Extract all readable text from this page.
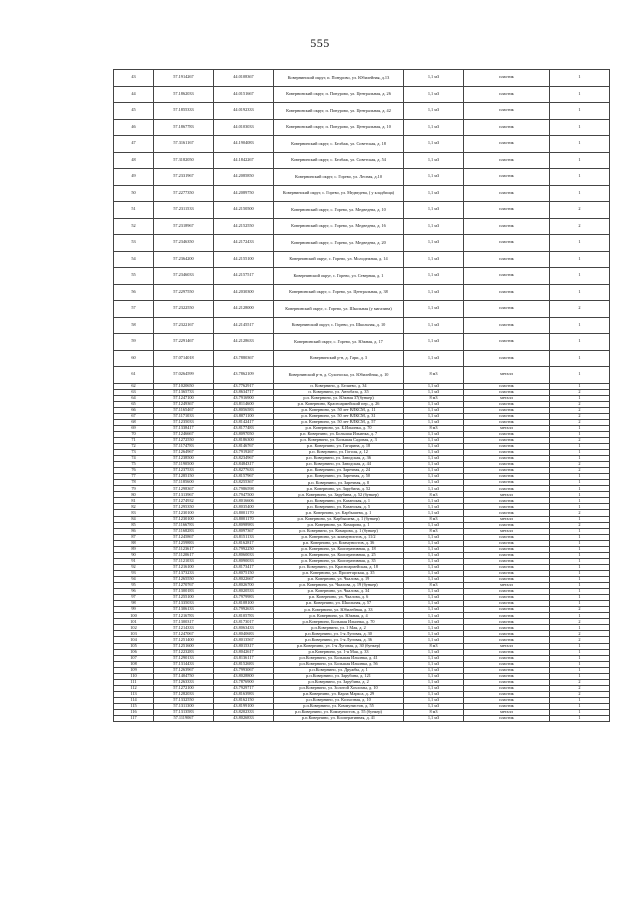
555
43	57.1914267	44.0108367	Ковернинский округ, п. Понурово, ул. Юбилейная, д.13	1,1 м3	пластик	1
44	57.1862033	44.0151667	Ковернинский округ, п. Понурово, ул. Центральная, д. 26	1,1 м3	пластик	1
45	57.1855333	44.0192333	Ковернинский округ, п. Понурово, ул. Центральная, д. 42	1,1 м3	пластик	1
46	57.1867783	44.0103033	Ковернинский округ, п. Понурово, ул. Центральная, д. 10	1,1 м3	пластик	1
47	57.3161167	44.1904083	Ковернинский округ, с. Белбаж, ул. Советская, д. 18	1,1 м3	пластик	1
48	57.3182050	44.1842267	Ковернинский округ, с. Белбаж, ул. Советская, д. 54	1,1 м3	пластик	1
49	57.2331967	44.2085850	Ковернинский округ, с. Горево, ул. Лесная, д.10	1,1 м3	пластик	1
50	57.2277350	44.2089750	Ковернинский округ, с. Горево, ул. Медведева, ( у кладбища)	1,1 м3	пластик	1
51	57.2311533	44.2150500	Ковернинский округ, с. Горево, ул. Медведева, д. 10	1,1 м3	пластик	2
52	57.2318967	44.2152550	Ковернинский округ, с. Горево, ул. Медведева, д. 16	1,1 м3	пластик	2
53	57.2346350	44.2172433	Ковернинский округ, с. Горево, ул. Медведева, д. 20	1,1 м3	пластик	1
54	57.2364200	44.2155100	Ковернинский округ, с. Горево, ул. Молодежная, д. 14	1,1 м3	пластик	1
55	57.2346033	44.2157517	Ковернинский округ, с. Горево, ул. Северная, д. 1	1,1 м3	пластик	1
56	57.2297550	44.2030300	Ковернинский округ, с. Горево, ул. Центральная, д. 38	1,1 м3	пластик	1
57	57.2322550	44.2128000	Ковернинский округ, с. Горево, ул. Школьная (у магазина)	1,1 м3	пластик	2
58	57.2322167	44.2145517	Ковернинский округ, с. Горево, ул. Школьная, д. 10	1,1 м3	пластик	1
59	57.2291467	44.2128633	Ковернинский округ, с. Горево, ул. Южная, д. 17	1,1 м3	пластик	1
60	57.0714018	43.7880367	Ковернинский р-н, д. Гари, д. 3	1,1 м3	пластик	1
61	57.0264599	43.7862109	Ковернинский р-н, д. Сухоноска, ул. Юбилейная, д. 10	8 м3	металл	1
62	57.1020650	43.7762917	п. Ковернино, д. Беляево, д. 34	1,1 м3	пластик	1
63	57.1365733	43.8634717	п. Ковернино, ул. Автобаза, д. 35	1,1 м3	пластик	2
64	57.1247100	43.7916900	р.п. Ковернино, ул. Южная 37(бункер)	8 м3	металл	1
65	57.1249367	43.8114600	р.п. Ковернино, Красноармейский пер., д. 26	1,1 м3	пластик	2
66	57.1165467	43.8056583	р.п. Ковернино, ул. 50 лет ВЛКСМ, д. 11	1,1 м3	пластик	2
67	57.1171033	43.8071100	р.п. Ковернино, ул. 50 лет ВЛКСМ, д. 31	1,1 м3	пластик	2
68	57.1235033	43.8142417	р.п. Ковернино, ул. 50 лет ВЛКСМ, д. 57	1,1 м3	пластик	2
69	57.1338417	43.8177483	р.п. Ковернино, ул. Б.Ильинка, д. 70	8 м3	металл	1
70	57.1246667	43.8097050	р.п. Ковернино, ул. Большая Ильинка, д. 7	1,1 м3	пластик	1
71	57.1272550	43.8186300	р.п. Ковернино, ул. Большая Садовая, д. 3	1,1 м3	пластик	2
72	57.1174783	43.8146767	р.п. Ковернино, ул. Гагарина, д. 18	1,1 м3	пластик	1
73	57.1264967	43.7919267	р.п. Ковернино, ул. Гоголя, д. 12	1,1 м3	пластик	1
74	57.1238500	43.8234967	р.п. Ковернино, ул. Заводская, д. 36	1,1 м3	пластик	1
75	57.1190500	43.8484317	р.п. Ковернино, ул. Заводская, д. 44	1,1 м3	пластик	2
76	57.1237533	43.8277633	р.п. Ковернино, ул. Заречная, д. 24	1,1 м3	пластик	2
77	57.1285150	43.8157967	р.п. Ковернино, ул. Заречная, д. 50	1,1 м3	пластик	1
78	57.1185600	43.8255367	р.п. Ковернино, ул. Заречная, д. 8	1,1 м3	пластик	1
79	57.1298367	43.7986598	р.п. Ковернино, ул. Зарубина, д. 52	1,1 м3	пластик	1
80	57.1313967	43.7947500	р.п. Ковернино, ул. Зарубина, д. 52 (бункер)	8 м3	металл	1
81	57.1274932	43.8016606	р.п. Ковернино, ул. Казанская, д. 1	1,1 м3	пластик	1
82	57.1295350	43.8035400	р.п. Ковернино, ул. Казанская, д. 5	1,1 м3	пластик	1
83	57.1230100	43.8001170	р.п. Ковернино, ул. Карбышева, д. 1	1,1 м3	пластик	2
84	57.1230100	43.8001170	р.п. Ковернино, ул. Карбышева, д. 1 (бункер)	8 м3	металл	1
85	57.1166783	43.8098983	р.п. Ковернино, ул. Комарова, д. 1	1,1 м3	пластик	2
86	57.1168283	43.8097367	р.п. Ковернино, ул. Комарова, д. 1 (бункер)	8 м3	металл	1
87	57.1245867	43.8151133	р.п. Ковернино, ул. коммунистов, д. 11/2	1,1 м3	пластик	1
88	57.1259883	43.8162817	р.п. Ковернино, ул. Коммунистов, д. 36	1,1 м3	пластик	1
89	57.1123617	43.7992250	р.п. Ковернино, ул. Кооперативная, д. 18	1,1 м3	пластик	1
90	57.1120617	43.8060033	р.п. Ковернино, ул. Кооперативная, д. 25	1,1 м3	пластик	1
91	57.1121033	43.8090033	р.п. Ковернино, ул. Кооперативная, д. 35	1,1 м3	пластик	1
92	57.1216100	43.8173417	р.п. Ковернино, ул. Красноармейская, д. 18	1,1 м3	пластик	1
93	57.1373233	43.8075150	р.п. Ковернино, ул. Пролетарская, д. 35	1,1 м3	пластик	1
94	57.1265550	43.8022667	р.п. Ковернино, ул. Чкалова, д. 19	1,1 м3	пластик	1
95	57.1270767	43.8026700	р.п. Ковернино, ул. Чкалова, д. 19 (бункер)	8 м3	металл	1
96	57.1300183	43.8020533	р.п. Ковернино, ул. Чкалова, д. 34	1,1 м3	пластик	1
97	57.1255100	43.7979983	р.п. Ковернино, ул. Чкалова, д. 6	1,1 м3	пластик	1
98	57.1335033	43.8108100	р.п. Ковернино, ул. Школьная, д. 57	1,1 м3	пластик	1
99	57.1306133	43.7992633	р.п. Ковернино, ул. Юбилейная, д. 33	1,1 м3	пластик	2
100	57.1216783	43.8105783	р.п. Ковернино, ул. Южная, д. 4	1,1 м3	пластик	1
101	57.1300317	43.8173017	р.п.Ковернино, Большая Ильинка, д. 70	1,1 м3	пластик	2
102	57.1214333	43.8063433	р.п.Ковернино, ул. 1 Мая, д. 2	1,1 м3	пластик	1
103	57.1247067	43.8040683	р.п.Ковернино, ул. 1-я Луговая, д. 30	1,1 м3	пластик	2
104	57.1251400	43.8013567	р.п.Ковернино, ул. 1-я Луговая, д. 36	1,1 м3	пластик	2
105	57.1251600	43.8015317	р.п.Ковернино, ул. 1-я Луговая, д. 30 (бункер)	8 м3	металл	1
106	57.1223283	43.8042617	р.п.Ковернино, ул. 1-я Мая, д. 33	1,1 м3	пластик	1
107	57.1290133	43.8136117	р.п.Ковернино, ул. Большая Ильинка, д. 41	1,1 м3	пластик	1
108	57.1314433	43.8152683	р.п.Ковернино, ул. Большая Ильинка, д. 56	1,1 м3	пластик	1
109	57.1263967	43.7993067	р.п.Ковернино, ул. Дружбы, д. 1	1,1 м3	пластик	1
110	57.1404750	43.8028800	р.п.Ковернино, ул. Зарубина, д. 121	1,1 м3	пластик	1
111	57.1263333	43.7876900	р.п.Ковернино, ул. Зарубина, д. 2	1,1 м3	пластик	2
112	57.1272100	43.7929717	р.п.Ковернино, ул. Золотой Хохломы, д. 10	1,1 м3	пластик	2
113	57.1282033	43.8163983	р.п.Ковернино, ул. Карла Маркса, д. 29	1,1 м3	пластик	2
114	57.1332550	43.8162150	р.п.Ковернино, ул. Колхозная, д. 10	1,1 м3	пластик	1
115	57.1311300	43.8199100	р.п.Ковернино, ул. Коммунистов, д. 55	1,1 м3	пластик	1
116	57.1313583	43.8202333	р.п.Ковернино, ул. Коммунистов, д. 55 (бункер)	8 м3	металл	1
117	57.1119067	43.8026833	р.п.Ковернино, ул. Кооперативная, д. 41	1,1 м3	пластик	1
